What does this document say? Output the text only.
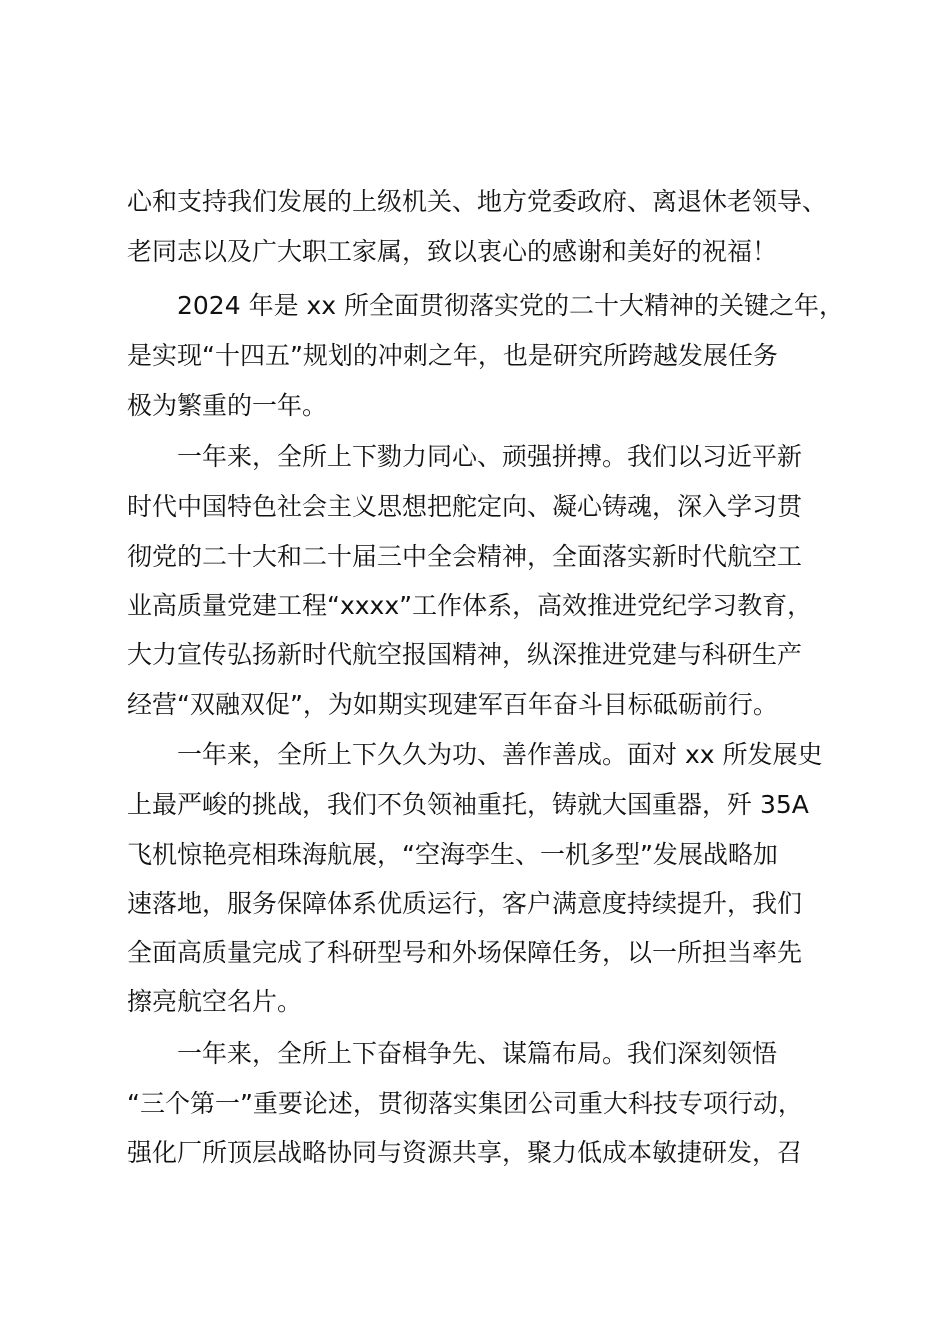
心和支持我们发展的上级机关、地方党委政府、离退休老领导、
老同志以及广大职工家属，致以衷心的感谢和美好的祝福！
2024 年是 xx 所全面贯彻落实党的二十大精神的关键之年，
是实现“十四五”规划的冲刺之年，也是研究所跨越发展任务
极为繁重的一年。
一年来，全所上下勠力同心、顽强拼搏。我们以习近平新
时代中国特色社会主义思想把舵定向、凝心铸魂，深入学习贯
彻党的二十大和二十届三中全会精神，全面落实新时代航空工
业高质量党建工程“xxxx”工作体系，高效推进党纪学习教育，
大力宣传弘扬新时代航空报国精神，纵深推进党建与科研生产
经营“双融双促”，为如期实现建军百年奋斗目标砥砺前行。
一年来，全所上下久久为功、善作善成。面对 xx 所发展史
上最严峻的挑战，我们不负领袖重托，铸就大国重器，歼 35A
飞机惊艳亮相珠海航展，“空海孪生、一机多型”发展战略加
速落地，服务保障体系优质运行，客户满意度持续提升，我们
全面高质量完成了科研型号和外场保障任务，以一所担当率先
擦亮航空名片。
一年来，全所上下奋楫争先、谋篇布局。我们深刻领悟
“三个第一”重要论述，贯彻落实集团公司重大科技专项行动，
强化厂所顶层战略协同与资源共享，聚力低成本敏捷研发，召
